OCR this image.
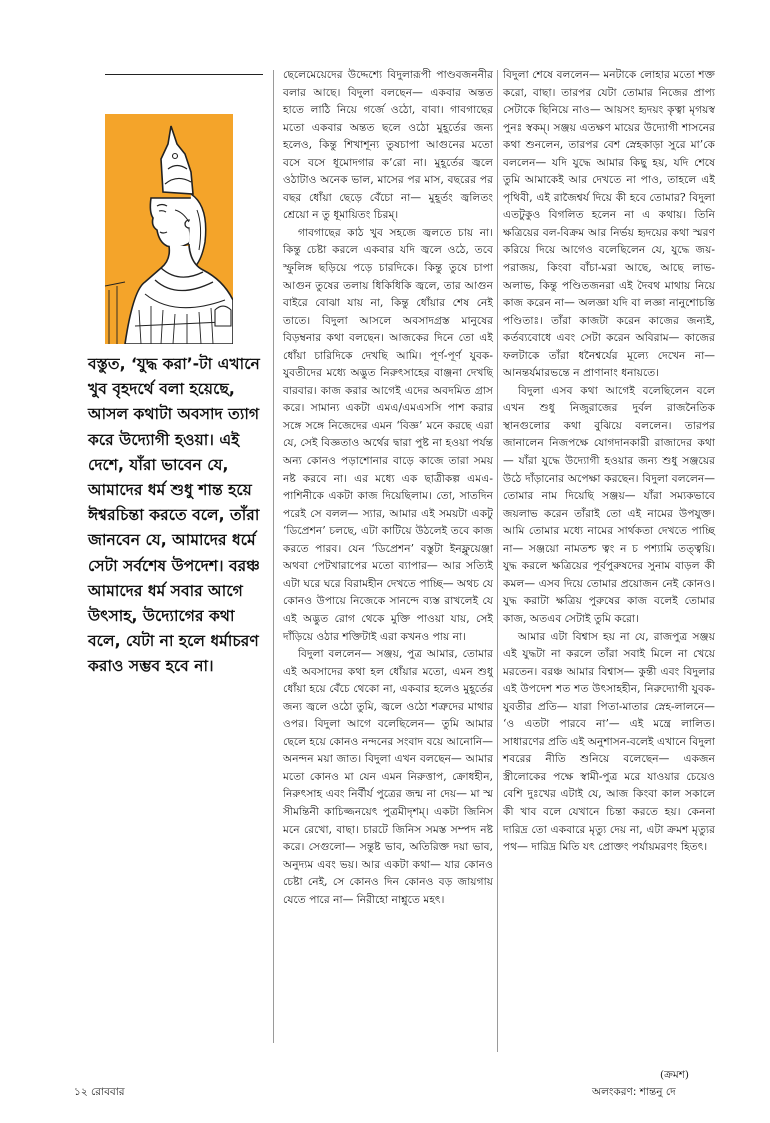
বস্তুত, ‘যুদ্ধ করা’-টা এখানে খুব বৃহদর্থে বলা হয়েছে, আসল কথাটা অবসাদ ত্যাগ করে উদ্যোগী হওয়া। এই দেশে, যাঁরা ভাবেন যে, আমাদের ধর্ম শুধু শান্ত হয়ে ঈশ্বরচিন্তা করতে বলে, তাঁরা জানবেন যে, আমাদের ধর্মে সেটা সর্বশেষ উপদেশ। বরঞ্চ আমাদের ধর্ম সবার আগে উৎসাহ, উদ্যোগের কথা বলে, যেটা না হলে ধর্মাচরণ করাও সম্ভব হবে না।

ছেলেমেয়েদের উদ্দেশ্যে বিদুলারূপী পাণ্ডবজননীর বলার আছে। বিদুলা বলছেন— একবার অন্তত হাতে লাঠি নিয়ে গর্জে ওঠো, বাবা। গাবগাছের মতো একবার অন্তত ছলে ওঠো মুহূর্তের জন্য হলেও, কিন্তু শিখাশূন্য তুষচাপা আগুনের মতো বসে বসে ধূমোদগার ক’রো না। মুহূর্তের জ্বলে ওঠাটাও অনেক ভাল, মাসের পর মাস, বছরের পর বছর ধোঁয়া ছেড়ে বেঁচো না— মুহূর্তং জ্বলিতং শ্রেয়ো ন তু ধূমায়িতং চিরম্।

গাবগাছের কাঠ খুব সহজে জ্বলতে চায় না। কিন্তু চেষ্টা করলে একবার যদি জ্বলে ওঠে, তবে স্ফুলিঙ্গ ছড়িয়ে পড়ে চারদিকে। কিন্তু তুষে চাপা আগুন তুষের তলায় ধিকিধিকি জ্বলে, তার আগুন বাইরে বোঝা যায় না, কিন্তু ধোঁয়ার শেষ নেই তাতে। বিদুলা আসলে অবসাদগ্রস্ত মানুষের বিড়ম্বনার কথা বলছেন। আজকের দিনে তো এই ধোঁয়া চারিদিকে দেখছি আমি। পূর্ণ-পূর্ণ যুবক-যুবতীদের মধ্যে অদ্ভুত নিরুৎসাহের বাঞ্জনা দেখছি বারবার। কাজ করার আগেই এদের অবদমিত গ্রাস করে। সামান্য একটা এমএ/এমএসসি পাশ করার সঙ্গে সঙ্গে নিজেদের এমন ‘বিজ্ঞ’ মনে করছে এরা যে, সেই বিজ্ঞতাও অর্থের দ্বারা পুষ্ট না হওয়া পর্যন্ত অন্য কোনও পড়াশোনার বাড়ে কাজে তারা সময় নষ্ট করবে না। এর মধ্যে এক ছাত্রীকল্প এমএ-পাশিনীকে একটা কাজ দিয়েছিলাম। তো, সাতদিন পরেই সে বলল— স্যার, আমার এই সময়টা একটু ‘ডিপ্রেশন’ চলছে, এটা কাটিয়ে উঠলেই তবে কাজ করতে পারব। যেন ‘ডিপ্রেশন’ বস্তুটা ইনফ্লুয়েঞ্জা অথবা পেটখারাপের মতো ব্যাপার— আর সত্যিই এটা ঘরে ঘরে বিরামহীন দেখতে পাচ্ছি— অথচ যে কোনও উপায়ে নিজেকে সানন্দে ব্যস্ত রাখলেই যে এই অদ্ভুত রোগ থেকে মুক্তি পাওয়া যায়, সেই দাঁড়িয়ে ওঠার শক্তিটাই এরা কখনও পায় না।

বিদুলা বললেন— সঞ্জয়, পুত্র আমার, তোমার এই অবসাদের কথা হল ধোঁয়ার মতো, এমন শুধু ধোঁয়া হয়ে বেঁচে থেকো না, একবার হলেও মুহূর্তের জন্য জ্বলে ওঠো তুমি, জ্বলে ওঠো শত্রুদের মাথার ওপর। বিদুলা আগে বলেছিলেন— তুমি আমার ছেলে হয়ে কোনও নন্দনের সংবাদ বয়ে আনোনি— অনন্দন ময়া জাত। বিদুলা এখন বলছেন— আমার মতো কোনও মা যেন এমন নিরুত্তাপ, ক্রোধহীন, নিরুৎসাহ এবং নির্বীর্য পুত্রের জন্ম না দেয়— মা স্ম সীমন্তিনী কাচিজ্জনয়েৎ পুত্রমীদৃশম্। একটা জিনিস মনে রেখো, বাছা। চারটে জিনিস সমস্ত সম্পদ নষ্ট করে। সেগুলো— সন্তুষ্ট ভাব, অতিরিক্ত দয়া ভাব, অনুদ্যম এবং ভয়। আর একটা কথা— যার কোনও চেষ্টা নেই, সে কোনও দিন কোনও বড় জায়গায় যেতে পারে না— নিরীহো নাশ্নুতে মহৎ।

বিদুলা শেষে বললেন— মনটাকে লোহার মতো শক্ত করো, বাছা। তারপর যেটা তোমার নিজের প্রাপ্য সেটাকে ছিনিয়ে নাও— আয়সং হৃদয়ং কৃত্বা মৃগয়স্ব পুনঃ স্বকম্। সঞ্জয় এতক্ষণ মায়ের উদ্যোগী শাসনের কথা শুনলেন, তারপর বেশ স্নেহকাড়া সুরে মা’কে বললেন— যদি যুদ্ধে আমার কিছু হয়, যদি শেষে তুমি আমাকেই আর দেখতে না পাও, তাহলে এই পৃথিবী, এই রাজৈশ্বর্য দিয়ে কী হবে তোমার? বিদুলা এতটুকুও বিগলিত হলেন না এ কথায়। তিনি ক্ষত্রিয়ের বল-বিক্রম আর নির্ভয় হৃদয়ের কথা স্মরণ করিয়ে দিয়ে আগেও বলেছিলেন যে, যুদ্ধে জয়-পরাজয়, কিংবা বাঁচা-মরা আছে, আছে লাভ-অলাভ, কিন্তু পণ্ডিতজনরা এই দৈবথ মাথায় নিয়ে কাজ করেন না— অলজ্ঞা যদি বা লজ্ঞা নানুশোচন্তি পণ্ডিতাঃ। তাঁরা কাজটা করেন কাজের জন্যই, কর্তব্যবোধে এবং সেটা করেন অবিরাম— কাজের ফলটাকে তাঁরা ধনৈশ্বর্যের মূল্যে দেখেন না— আনন্তর্যমারভন্তে ন প্রাণানাং ধনায়তে।

বিদুলা এসব কথা আগেই বলেছিলেন বলে এখন শুধু নিজুরাজের দুর্বল রাজনৈতিক স্থানগুলোর কথা বুঝিয়ে বললেন। তারপর জানালেন নিজপক্ষে যোগদানকারী রাজাদের কথা— যাঁরা যুদ্ধে উদ্যোগী হওয়ার জন্য শুধু সঞ্জয়ের উঠে দাঁড়ানোর অপেক্ষা করছেন। বিদুলা বললেন— তোমার নাম দিয়েছি সঞ্জয়— যাঁরা সম্যকভাবে জয়লাভ করেন তাঁরাই তো এই নামের উপযুক্ত। আমি তোমার মধ্যে নামের সার্থকতা দেখতে পাচ্ছি না— সঞ্জয়ো নামতশ্চ ত্বং ন চ পশ্যামি তত্ত্বয়ি। যুদ্ধ করলে ক্ষত্রিয়ের পূর্বপুরুষদের সুনাম বাড়ল কী কমল— এসব দিয়ে তোমার প্রয়োজন নেই কোনও। যুদ্ধ করাটা ক্ষত্রিয় পুরুষের কাজ বলেই তোমার কাজ, অতএব সেটাই তুমি করো।

আমার এটা বিশ্বাস হয় না যে, রাজপুত্র সঞ্জয় এই যুদ্ধটা না করলে তাঁরা সবাই মিলে না খেয়ে মরতেন। বরঞ্চ আমার বিশ্বাস— কুন্তী এবং বিদুলার এই উপদেশ শত শত উৎসাহহীন, নিরুদ্যোগী যুবক-যুবতীর প্রতি— যারা পিতা-মাতার স্নেহ-লালনে— ‘ও এতটা পারবে না’— এই মন্ত্রে লালিত। সাধারণের প্রতি এই অনুশাসন-বলেই এখানে বিদুলা শবরের নীতি শুনিয়ে বলেছেন— একজন স্ত্রীলোকের পক্ষে স্বামী-পুত্র মরে যাওয়ার চেয়েও বেশি দুঃখের এটাই যে, আজ কিংবা কাল সকালে কী খাব বলে যেখানে চিন্তা করতে হয়। কেননা দারিদ্র তো একবারে মৃত্যু দেয় না, এটা ক্রমশ মৃত্যুর পথ— দারিদ্র মিতি যৎ প্রোক্তং পর্যায়মরণং হিতৎ।

(ক্রমশ)
অলংকরণ: শান্তনু দে
১২ রোববার
